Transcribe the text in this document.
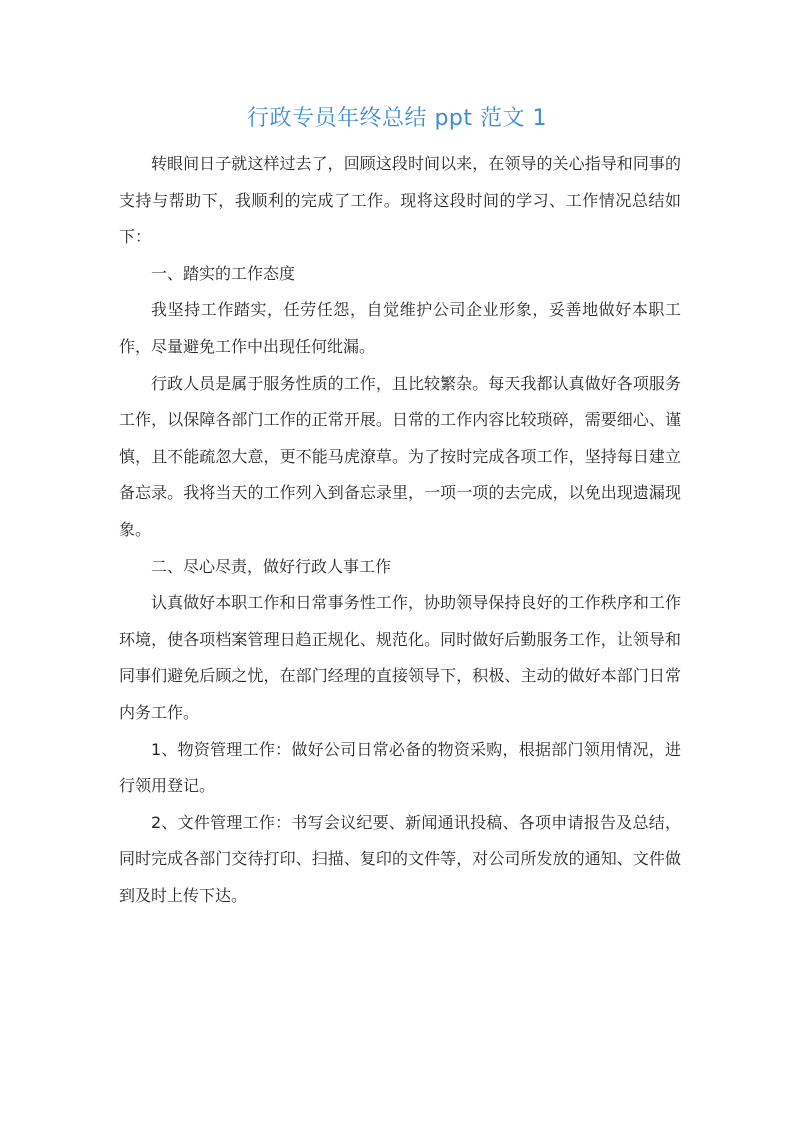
行政专员年终总结 ppt 范文 1

转眼间日子就这样过去了，回顾这段时间以来，在领导的关心指导和同事的支持与帮助下，我顺利的完成了工作。现将这段时间的学习、工作情况总结如下：

一、踏实的工作态度

我坚持工作踏实，任劳任怨，自觉维护公司企业形象，妥善地做好本职工作，尽量避免工作中出现任何纰漏。

行政人员是属于服务性质的工作，且比较繁杂。每天我都认真做好各项服务工作，以保障各部门工作的正常开展。日常的工作内容比较琐碎，需要细心、谨慎，且不能疏忽大意，更不能马虎潦草。为了按时完成各项工作，坚持每日建立备忘录。我将当天的工作列入到备忘录里，一项一项的去完成，以免出现遗漏现象。

二、尽心尽责，做好行政人事工作

认真做好本职工作和日常事务性工作，协助领导保持良好的工作秩序和工作环境，使各项档案管理日趋正规化、规范化。同时做好后勤服务工作，让领导和同事们避免后顾之忧，在部门经理的直接领导下，积极、主动的做好本部门日常内务工作。

1、物资管理工作：做好公司日常必备的物资采购，根据部门领用情况，进行领用登记。

2、文件管理工作：书写会议纪要、新闻通讯投稿、各项申请报告及总结，同时完成各部门交待打印、扫描、复印的文件等，对公司所发放的通知、文件做到及时上传下达。
